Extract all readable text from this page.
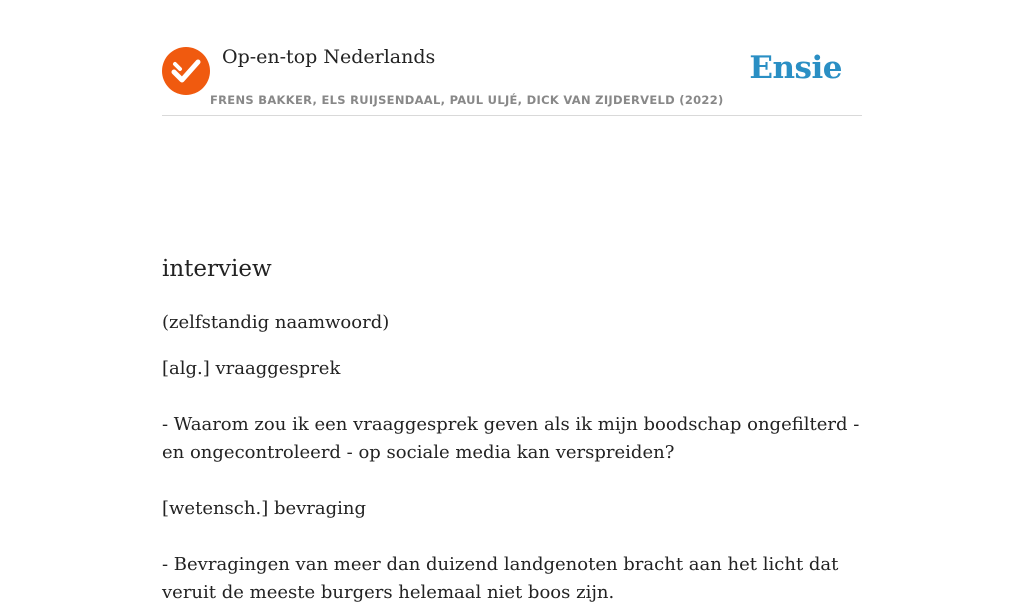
Op-en-top Nederlands
FRENS BAKKER, ELS RUIJSENDAAL, PAUL ULJÉ, DICK VAN ZIJDERVELD (2022)
Ensie
interview
(zelfstandig naamwoord)
[alg.] vraaggesprek
- Waarom zou ik een vraaggesprek geven als ik mijn boodschap ongefilterd - en ongecontroleerd - op sociale media kan verspreiden?
[wetensch.] bevraging
- Bevragingen van meer dan duizend landgenoten bracht aan het licht dat veruit de meeste burgers helemaal niet boos zijn.
